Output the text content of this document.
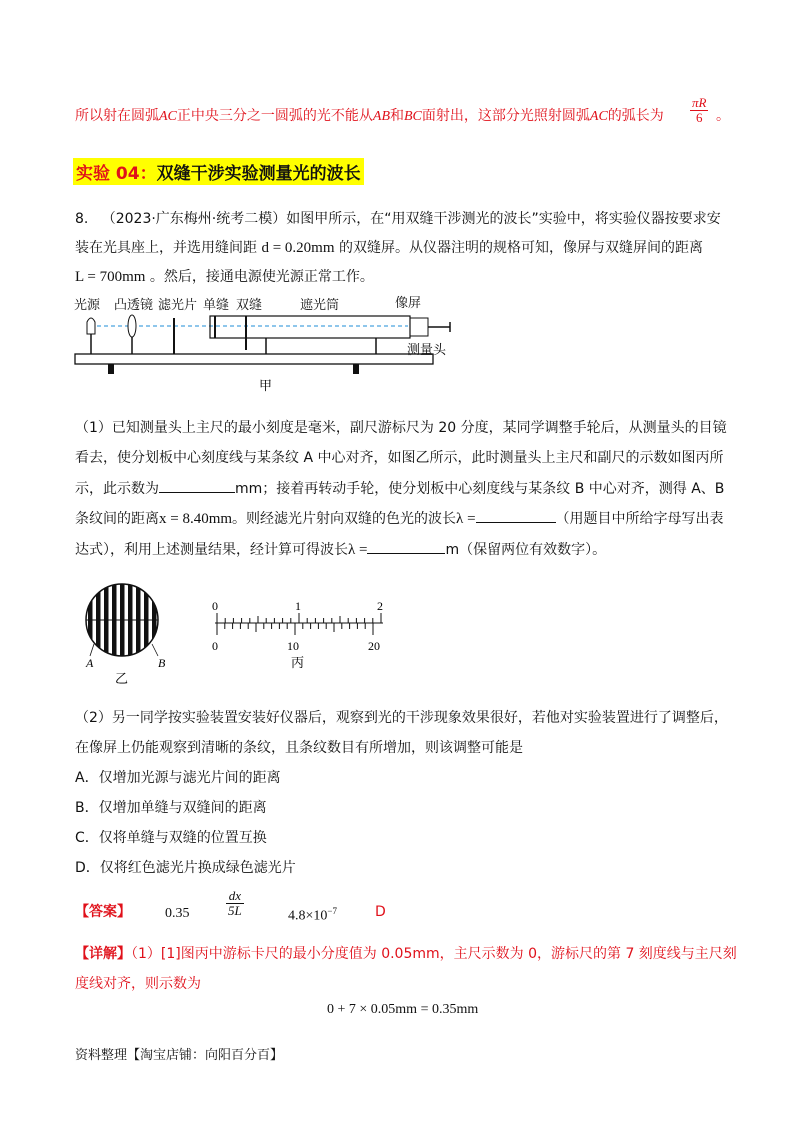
所以射在圆弧AC正中央三分之一圆弧的光不能从AB和BC面射出，这部分光照射圆弧AC的弧长为 $\frac{\pi R}{6}$ 。
实验 04：双缝干涉实验测量光的波长
8. （2023·广东梅州·统考二模）如图甲所示，在“用双缝干涉测光的波长”实验中，将实验仪器按要求安
装在光具座上，并选用缝间距 d = 0.20mm 的双缝屏。从仪器注明的规格可知，像屏与双缝屏间的距离
L = 700mm 。然后，接通电源使光源正常工作。
光源 凸透镜 滤光片 单缝 双缝	遮光筒	像屏
测量头
甲
（1）已知测量头上主尺的最小刻度是毫米，副尺游标尺为 20 分度，某同学调整手轮后，从测量头的目镜
看去，使分划板中心刻度线与某条纹 A 中心对齐，如图乙所示，此时测量头上主尺和副尺的示数如图丙所
示，此示数为	mm；接着再转动手轮，使分划板中心刻度线与某条纹 B 中心对齐，测得 A、B
条纹间的距离x = 8.40mm。则经滤光片射向双缝的色光的波长λ =	（用题目中所给字母写出表
达式），利用上述测量结果，经计算可得波长λ =	m（保留两位有效数字）。
A	B
乙
0	1	2
0	10	20
丙
（2）另一同学按实验装置安装好仪器后，观察到光的干涉现象效果很好，若他对实验装置进行了调整后，
在像屏上仍能观察到清晰的条纹，且条纹数目有所增加，则该调整可能是
A．仅增加光源与滤光片间的距离
B．仅增加单缝与双缝间的距离
C．仅将单缝与双缝的位置互换
D．仅将红色滤光片换成绿色滤光片
【答案】 0.35	$\frac{dx}{5L}$	$4.8\times 10^{-7}$	D
【详解】（1）[1]图丙中游标卡尺的最小分度值为 0.05mm，主尺示数为 0，游标尺的第 7 刻度线与主尺刻
度线对齐，则示数为
0 + 7 × 0.05mm = 0.35mm
资料整理【淘宝店铺：向阳百分百】
